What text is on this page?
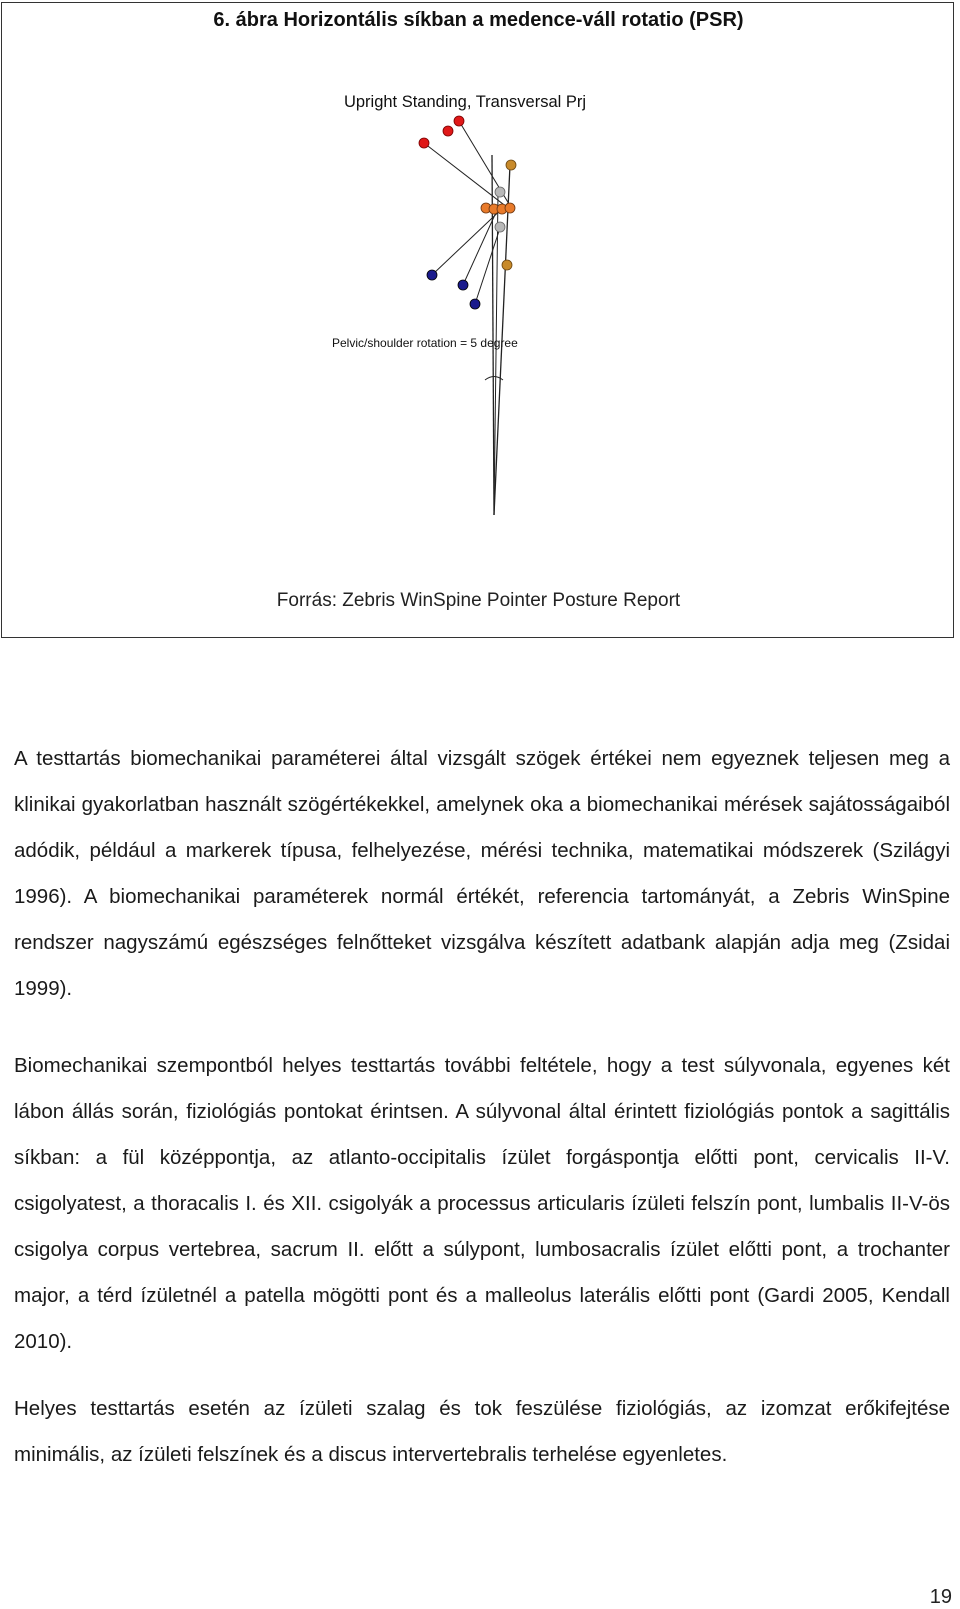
6. ábra Horizontális síkban a medence-váll rotatio (PSR)
Upright Standing, Transversal Prj
Pelvic/shoulder rotation = 5 degree
Forrás: Zebris WinSpine Pointer Posture Report
A testtartás biomechanikai paraméterei által vizsgált szögek értékei nem egyeznek teljesen meg a klinikai gyakorlatban használt szögértékekkel, amelynek oka a biomechanikai mérések sajátosságaiból adódik, például a markerek típusa, felhelyezése, mérési technika, matematikai módszerek (Szilágyi 1996). A biomechanikai paraméterek normál értékét, referencia tartományát, a Zebris WinSpine rendszer nagyszámú egészséges felnőtteket vizsgálva készített adatbank alapján adja meg (Zsidai 1999).
Biomechanikai szempontból helyes testtartás további feltétele, hogy a test súlyvonala, egyenes két lábon állás során, fiziológiás pontokat érintsen. A súlyvonal által érintett fiziológiás pontok a sagittális síkban: a fül középpontja, az atlanto-occipitalis ízület forgáspontja előtti pont, cervicalis II-V. csigolyatest, a thoracalis I. és XII. csigolyák a processus articularis ízületi felszín pont, lumbalis II-V-ös csigolya corpus vertebrea, sacrum II. előtt a súlypont, lumbosacralis ízület előtti pont, a trochanter major, a térd ízületnél a patella mögötti pont és a malleolus laterális előtti pont (Gardi 2005, Kendall 2010).
Helyes testtartás esetén az ízületi szalag és tok feszülése fiziológiás, az izomzat erőkifejtése minimális, az ízületi felszínek és a discus intervertebralis terhelése egyenletes.
19
